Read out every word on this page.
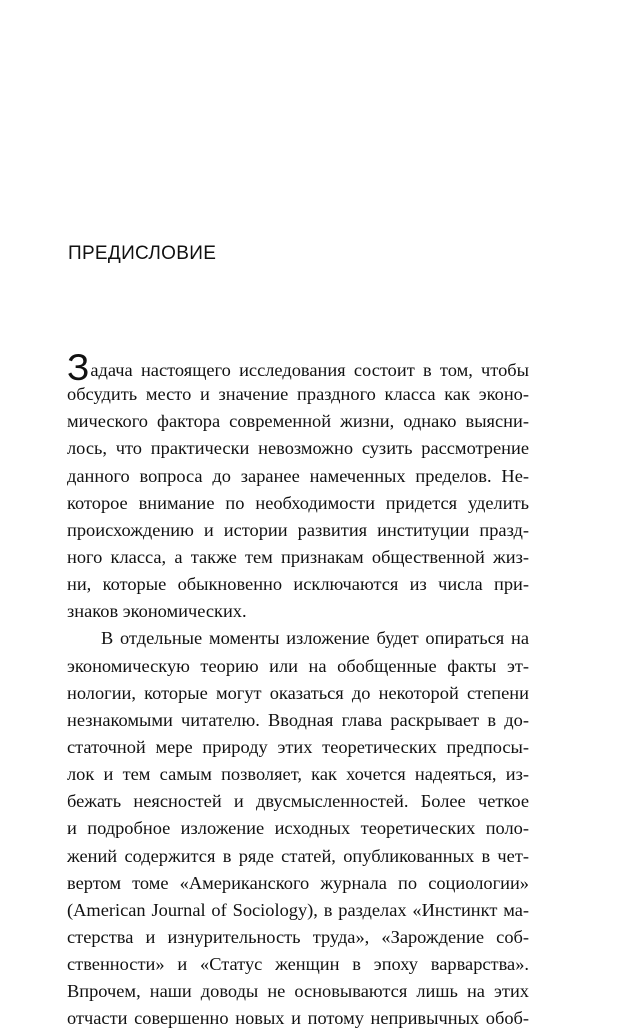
ПРЕДИСЛОВИЕ
Задача настоящего исследования состоит в том, чтобы
обсудить место и значение праздного класса как эконо-
мического фактора современной жизни, однако выясни-
лось, что практически невозможно сузить рассмотрение
данного вопроса до заранее намеченных пределов. Не-
которое внимание по необходимости придется уделить
происхождению и истории развития институции празд-
ного класса, а также тем признакам общественной жиз-
ни, которые обыкновенно исключаются из числа при-
знаков экономических.
В отдельные моменты изложение будет опираться на
экономическую теорию или на обобщенные факты эт-
нологии, которые могут оказаться до некоторой степени
незнакомыми читателю. Вводная глава раскрывает в до-
статочной мере природу этих теоретических предпосы-
лок и тем самым позволяет, как хочется надеяться, из-
бежать неясностей и двусмысленностей. Более четкое
и подробное изложение исходных теоретических поло-
жений содержится в ряде статей, опубликованных в чет-
вертом томе «Американского журнала по социологии»
(American Journal of Sociology), в разделах «Инстинкт ма-
стерства и изнурительность труда», «Зарождение соб-
ственности» и «Статус женщин в эпоху варварства».
Впрочем, наши доводы не основываются лишь на этих
отчасти совершенно новых и потому непривычных обоб-
